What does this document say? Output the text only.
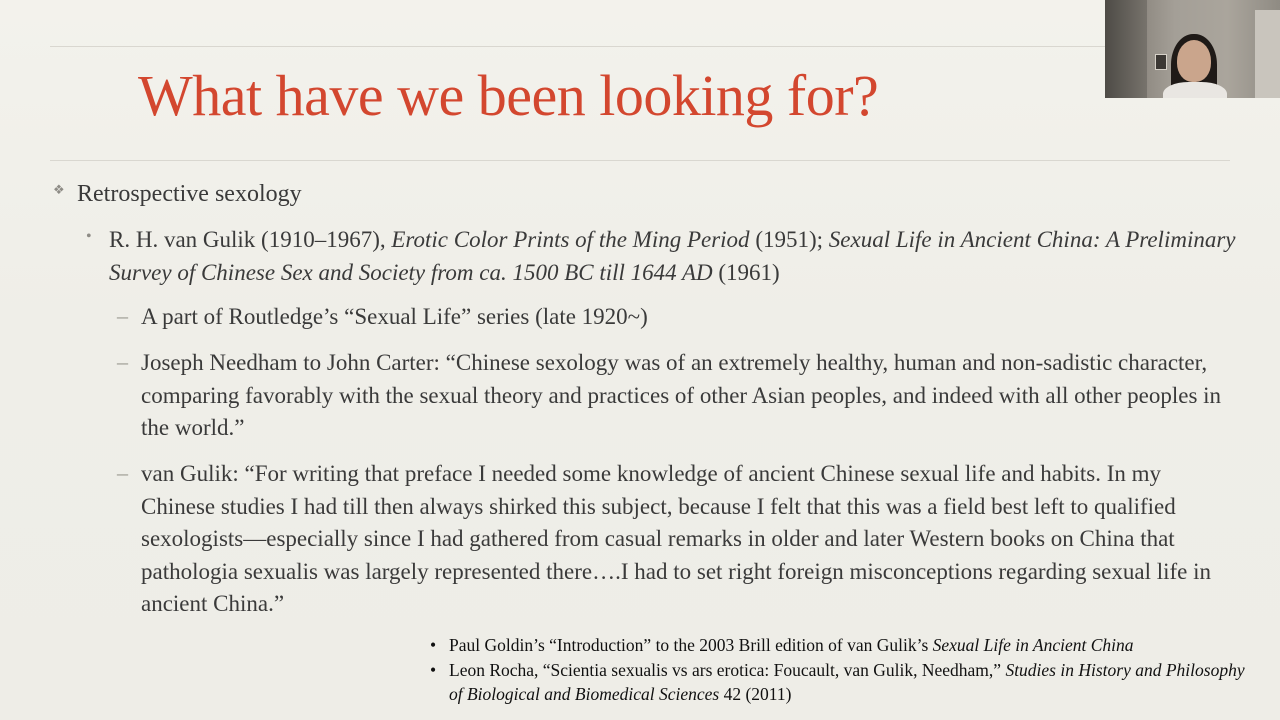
What have we been looking for?
❖ Retrospective sexology
• R. H. van Gulik (1910–1967), Erotic Color Prints of the Ming Period (1951); Sexual Life in Ancient China: A Preliminary Survey of Chinese Sex and Society from ca. 1500 BC till 1644 AD (1961)
– A part of Routledge’s “Sexual Life” series (late 1920~)
– Joseph Needham to John Carter: “Chinese sexology was of an extremely healthy, human and non-sadistic character, comparing favorably with the sexual theory and practices of other Asian peoples, and indeed with all other peoples in the world.”
– van Gulik: “For writing that preface I needed some knowledge of ancient Chinese sexual life and habits. In my Chinese studies I had till then always shirked this subject, because I felt that this was a field best left to qualified sexologists—especially since I had gathered from casual remarks in older and later Western books on China that pathologia sexualis was largely represented there….I had to set right foreign misconceptions regarding sexual life in ancient China.”
• Paul Goldin’s “Introduction” to the 2003 Brill edition of van Gulik’s Sexual Life in Ancient China
• Leon Rocha, “Scientia sexualis vs ars erotica: Foucault, van Gulik, Needham,” Studies in History and Philosophy of Biological and Biomedical Sciences 42 (2011)
